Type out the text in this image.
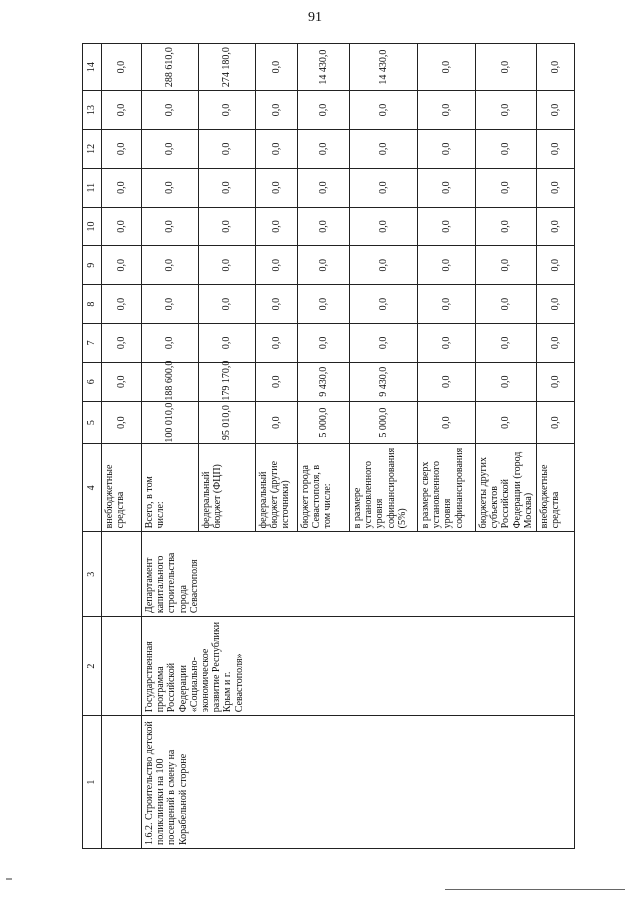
91
1	2	3	4	5	6	7	8	9	10	11	12	13	14
			внебюджетные средства	0,0	0,0	0,0	0,0	0,0	0,0	0,0	0,0	0,0	0,0
1.6.2. Строительство детской поликлиники на 100 посещений в смену на Корабельной стороне	Государственная программа Российской Федерации «Социально-экономическое развитие Республики Крым и г. Севастополя»	Департамент капитального строительства города Севастополя	Всего, в том числе:	100 010,0	188 600,0	0,0	0,0	0,0	0,0	0,0	0,0	0,0	288 610,0
			федеральный бюджет (ФЦП)	95 010,0	179 170,0	0,0	0,0	0,0	0,0	0,0	0,0	0,0	274 180,0
			федеральный бюджет (другие источники)	0,0	0,0	0,0	0,0	0,0	0,0	0,0	0,0	0,0	0,0
			бюджет города Севастополя, в том числе:	5 000,0	9 430,0	0,0	0,0	0,0	0,0	0,0	0,0	0,0	14 430,0
			в размере установленного уровня софинансирования (5%)	5 000,0	9 430,0	0,0	0,0	0,0	0,0	0,0	0,0	0,0	14 430,0
			в размере сверх установленного уровня софинансирования	0,0	0,0	0,0	0,0	0,0	0,0	0,0	0,0	0,0	0,0
			бюджеты других субъектов Российской Федерации (город Москва)	0,0	0,0	0,0	0,0	0,0	0,0	0,0	0,0	0,0	0,0
			внебюджетные средства	0,0	0,0	0,0	0,0	0,0	0,0	0,0	0,0	0,0	0,0
